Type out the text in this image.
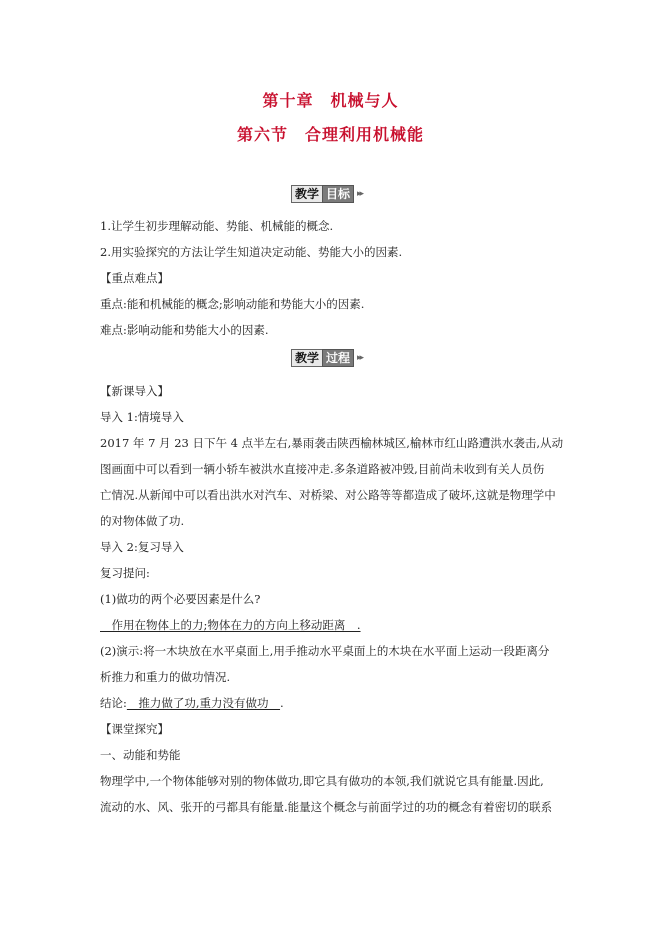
第十章　机械与人
第六节　合理利用机械能
教学 目标 ▸▸
1.让学生初步理解动能、势能、机械能的概念.
2.用实验探究的方法让学生知道决定动能、势能大小的因素.
【重点难点】
重点:能和机械能的概念;影响动能和势能大小的因素.
难点:影响动能和势能大小的因素.
教学 过程 ▸▸
【新课导入】
导入 1:情境导入
2017 年 7 月 23 日下午 4 点半左右,暴雨袭击陕西榆林城区,榆林市红山路遭洪水袭击,从动
图画面中可以看到一辆小轿车被洪水直接冲走.多条道路被冲毁,目前尚未收到有关人员伤
亡情况.从新闻中可以看出洪水对汽车、对桥梁、对公路等等都造成了破坏,这就是物理学中
的对物体做了功.
导入 2:复习导入
复习提问:
(1)做功的两个必要因素是什么?
　作用在物体上的力;物体在力的方向上移动距离　.
(2)演示:将一木块放在水平桌面上,用手推动水平桌面上的木块在水平面上运动一段距离分
析推力和重力的做功情况.
结论:　推力做了功,重力没有做功　.
【课堂探究】
一、动能和势能
物理学中,一个物体能够对别的物体做功,即它具有做功的本领,我们就说它具有能量.因此,
流动的水、风、张开的弓都具有能量.能量这个概念与前面学过的功的概念有着密切的联系
